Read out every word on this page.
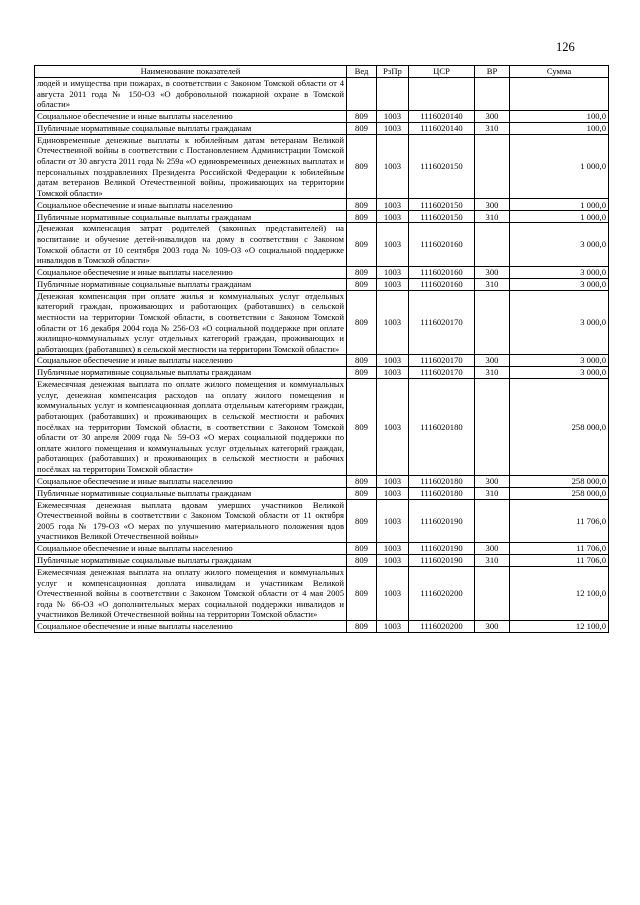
126
Наименование показателей	Вед	РзПр	ЦСР	ВР	Сумма
людей и имущества при пожарах, в соответствии с Законом Томской области от 4 августа 2011 года № 150-ОЗ «О добровольной пожарной охране в Томской области»					
Социальное обеспечение и иные выплаты населению	809	1003	1116020140	300	100,0
Публичные нормативные социальные выплаты гражданам	809	1003	1116020140	310	100,0
Единовременные денежные выплаты к юбилейным датам ветеранам Великой Отечественной войны в соответствии с Постановлением Администрации Томской области от 30 августа 2011 года № 259а «О единовременных денежных выплатах и персональных поздравлениях Президента Российской Федерации к юбилейным датам ветеранов Великой Отечественной войны, проживающих на территории Томской области»	809	1003	1116020150		1 000,0
Социальное обеспечение и иные выплаты населению	809	1003	1116020150	300	1 000,0
Публичные нормативные социальные выплаты гражданам	809	1003	1116020150	310	1 000,0
Денежная компенсация затрат родителей (законных представителей) на воспитание и обучение детей-инвалидов на дому в соответствии с Законом Томской области от 10 сентября 2003 года № 109-ОЗ «О социальной поддержке инвалидов в Томской области»	809	1003	1116020160		3 000,0
Социальное обеспечение и иные выплаты населению	809	1003	1116020160	300	3 000,0
Публичные нормативные социальные выплаты гражданам	809	1003	1116020160	310	3 000,0
Денежная компенсация при оплате жилья и коммунальных услуг отдельных категорий граждан, проживающих и работающих (работавших) в сельской местности на территории Томской области, в соответствии с Законом Томской области от 16 декабря 2004 года № 256-ОЗ «О социальной поддержке при оплате жилищно-коммунальных услуг отдельных категорий граждан, проживающих и работающих (работавших) в сельской местности на территории Томской области»	809	1003	1116020170		3 000,0
Социальное обеспечение и иные выплаты населению	809	1003	1116020170	300	3 000,0
Публичные нормативные социальные выплаты гражданам	809	1003	1116020170	310	3 000,0
Ежемесячная денежная выплата по оплате жилого помещения и коммунальных услуг, денежная компенсация расходов на оплату жилого помещения и коммунальных услуг и компенсационная доплата отдельным категориям граждан, работающих (работавших) и проживающих в сельской местности и рабочих посёлках на территории Томской области, в соответствии с Законом Томской области от 30 апреля 2009 года № 59-ОЗ «О мерах социальной поддержки по оплате жилого помещения и коммунальных услуг отдельных категорий граждан, работающих (работавших) и проживающих в сельской местности и рабочих посёлках на территории Томской области»	809	1003	1116020180		258 000,0
Социальное обеспечение и иные выплаты населению	809	1003	1116020180	300	258 000,0
Публичные нормативные социальные выплаты гражданам	809	1003	1116020180	310	258 000,0
Ежемесячная денежная выплата вдовам умерших участников Великой Отечественной войны в соответствии с Законом Томской области от 11 октября 2005 года № 179-ОЗ «О мерах по улучшению материального положения вдов участников Великой Отечественной войны»	809	1003	1116020190		11 706,0
Социальное обеспечение и иные выплаты населению	809	1003	1116020190	300	11 706,0
Публичные нормативные социальные выплаты гражданам	809	1003	1116020190	310	11 706,0
Ежемесячная денежная выплата на оплату жилого помещения и коммунальных услуг и компенсационная доплата инвалидам и участникам Великой Отечественной войны в соответствии с Законом Томской области от 4 мая 2005 года № 66-ОЗ «О дополнительных мерах социальной поддержки инвалидов и участников Великой Отечественной войны на территории Томской области»	809	1003	1116020200		12 100,0
Социальное обеспечение и иные выплаты населению	809	1003	1116020200	300	12 100,0
